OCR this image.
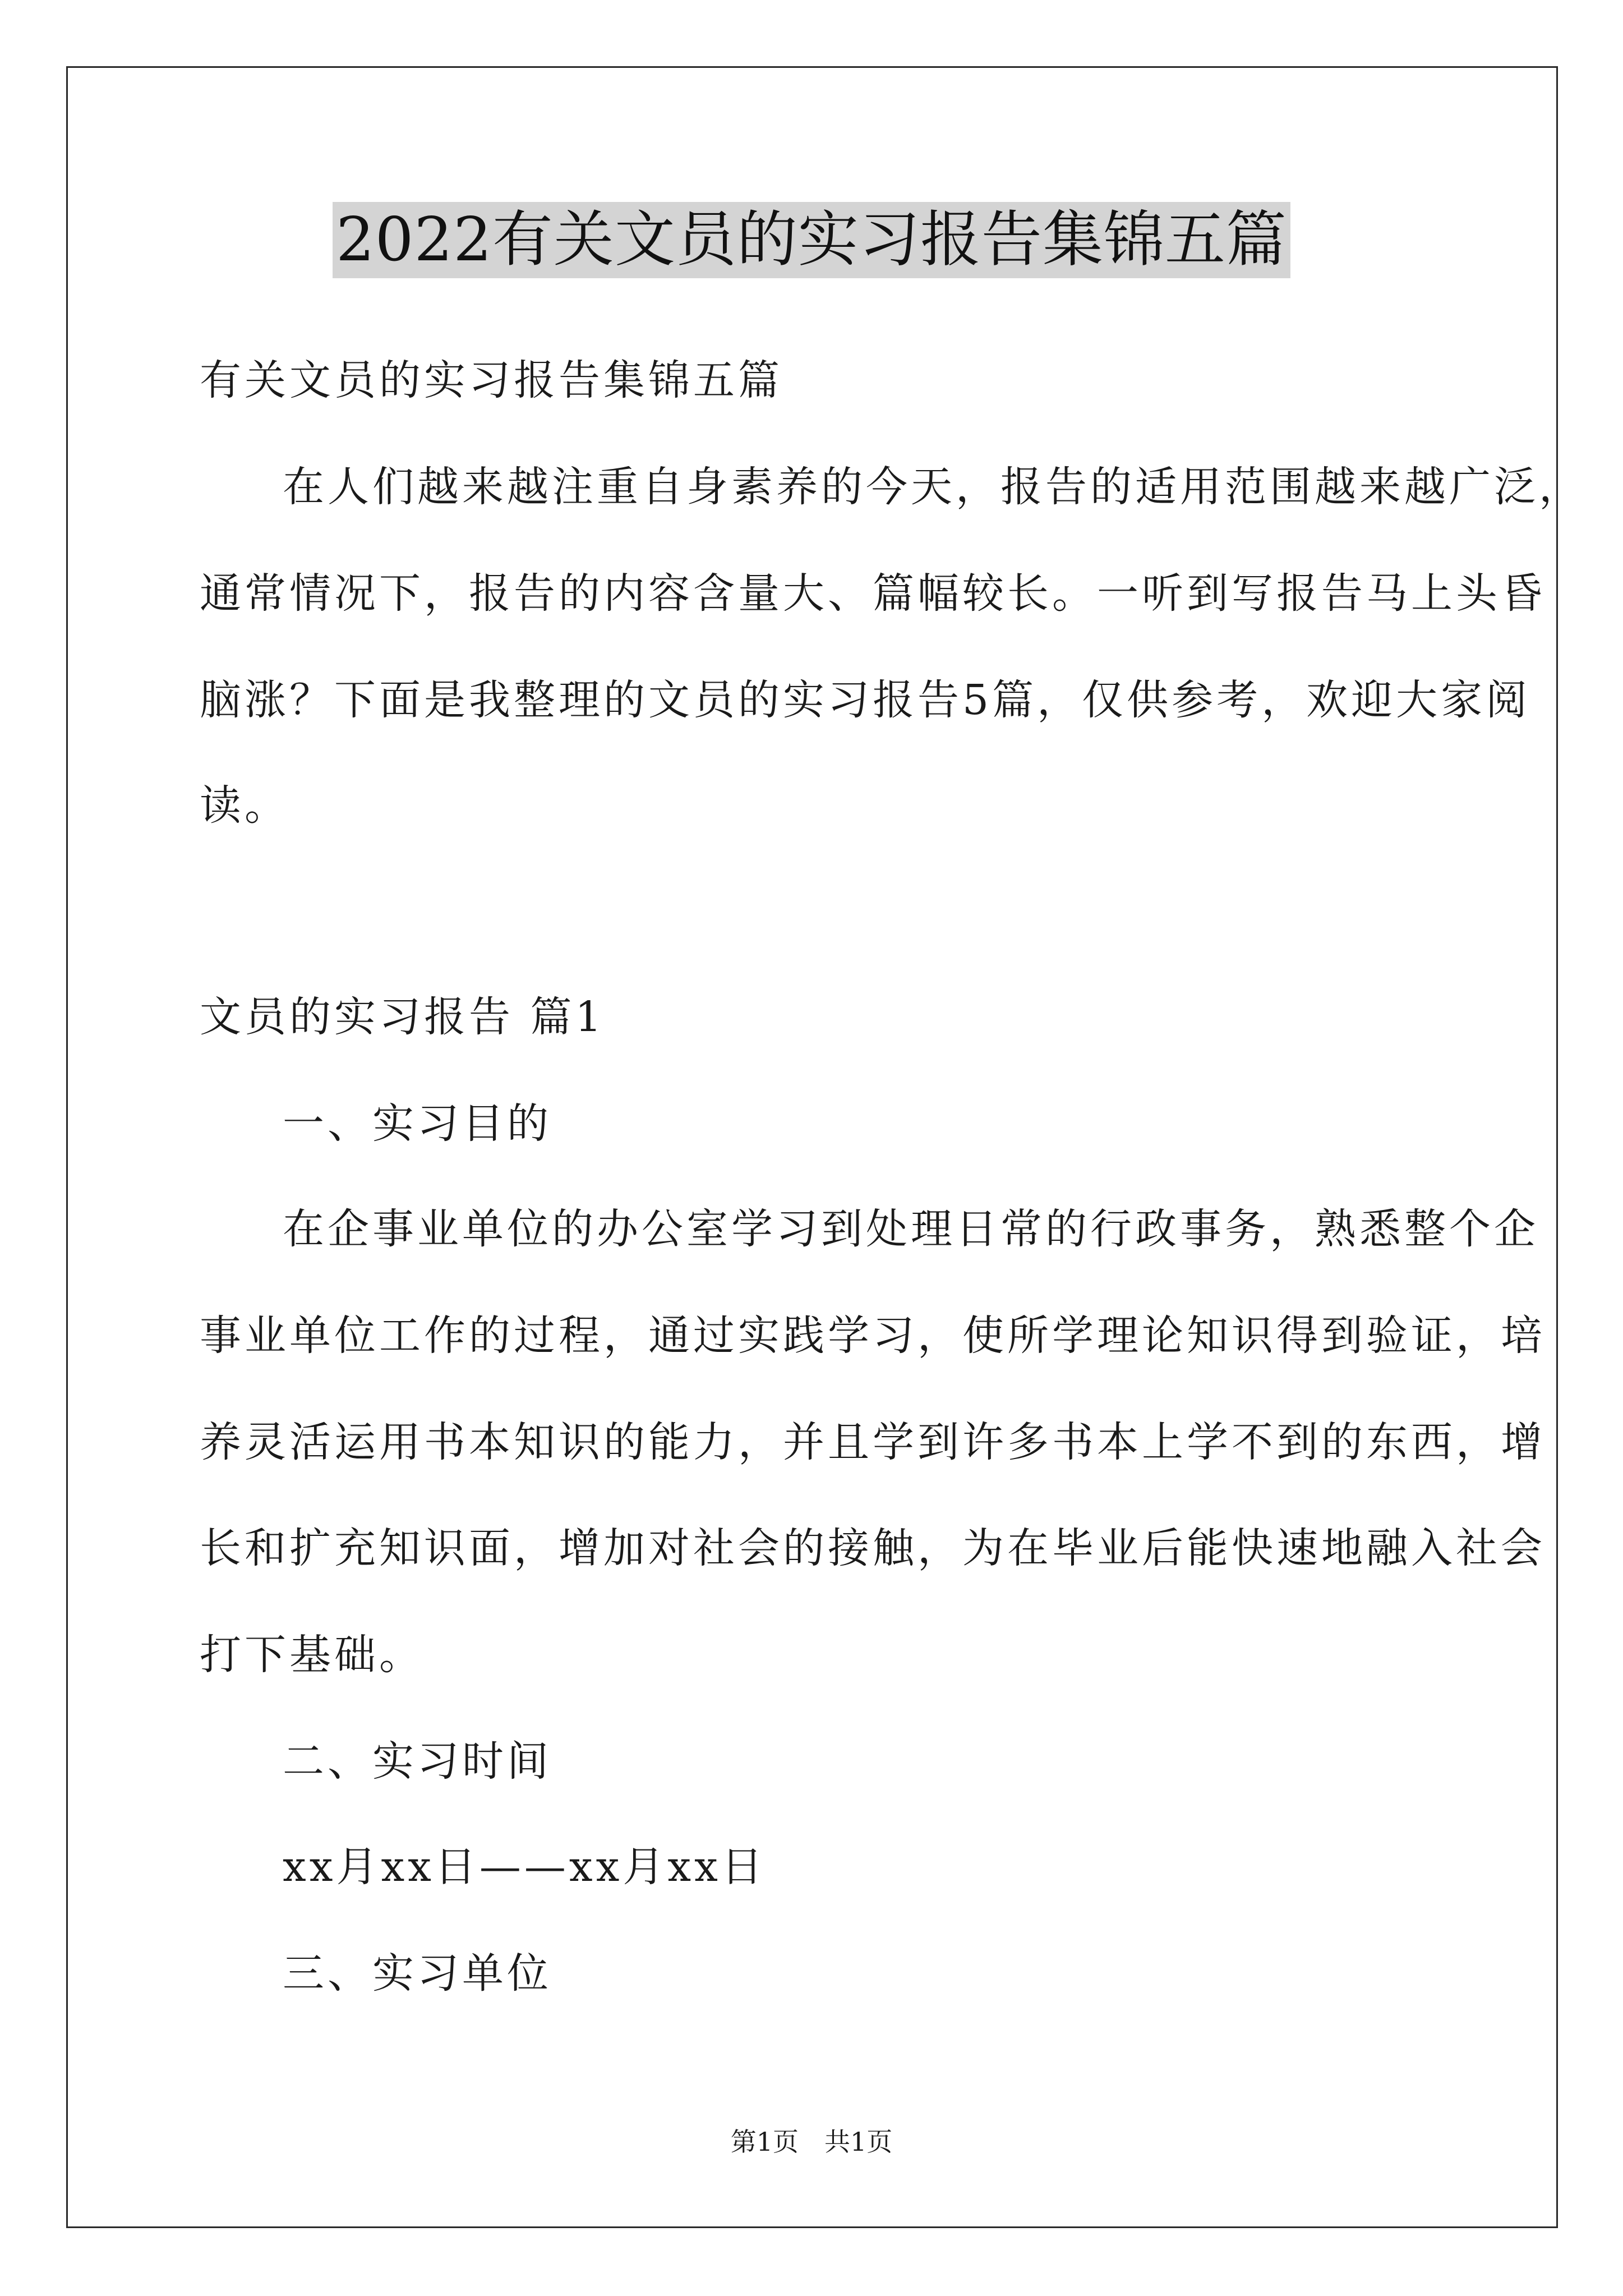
2022有关文员的实习报告集锦五篇
有关文员的实习报告集锦五篇
在人们越来越注重自身素养的今天，报告的适用范围越来越广泛，
通常情况下，报告的内容含量大、篇幅较长。一听到写报告马上头昏
脑涨？下面是我整理的文员的实习报告5篇，仅供参考，欢迎大家阅
读。
文员的实习报告 篇1
一、实习目的
在企事业单位的办公室学习到处理日常的行政事务，熟悉整个企
事业单位工作的过程，通过实践学习，使所学理论知识得到验证，培
养灵活运用书本知识的能力，并且学到许多书本上学不到的东西，增
长和扩充知识面，增加对社会的接触，为在毕业后能快速地融入社会
打下基础。
二、实习时间
xx月xx日——xx月xx日
三、实习单位
第1页　共1页
